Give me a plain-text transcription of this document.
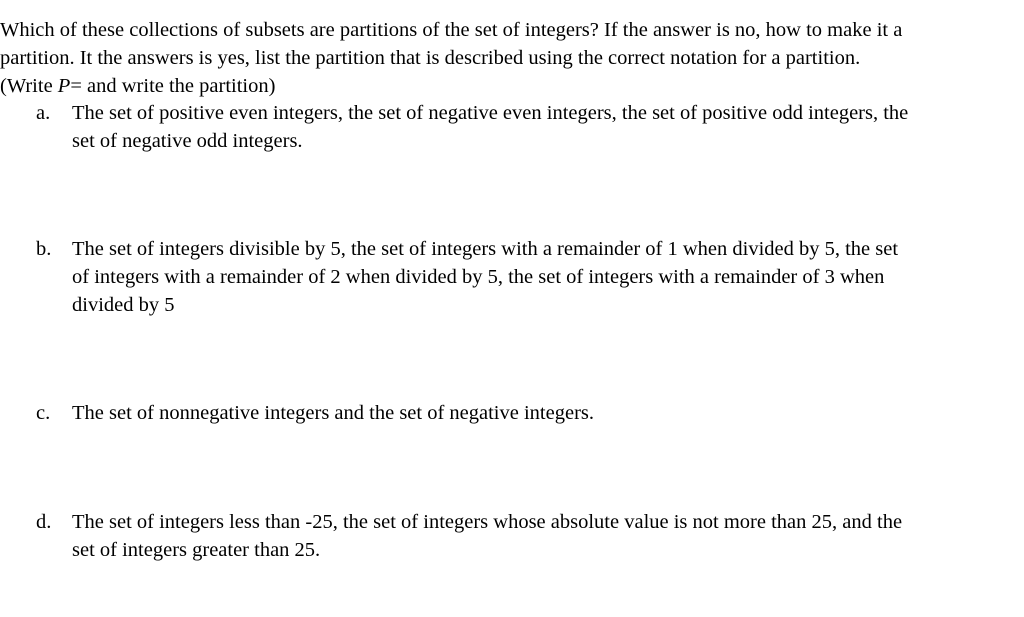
Which of these collections of subsets are partitions of the set of integers? If the answer is no, how to make it a

partition. It the answers is yes, list the partition that is described using the correct notation for a partition.

(Write P= and write the partition)

a.	The set of positive even integers, the set of negative even integers, the set of positive odd integers, the

set of negative odd integers.

b.	The set of integers divisible by 5, the set of integers with a remainder of 1 when divided by 5, the set

of integers with a remainder of 2 when divided by 5, the set of integers with a remainder of 3 when

divided by 5

c.	The set of nonnegative integers and the set of negative integers.

d.	The set of integers less than -25, the set of integers whose absolute value is not more than 25, and the

set of integers greater than 25.
